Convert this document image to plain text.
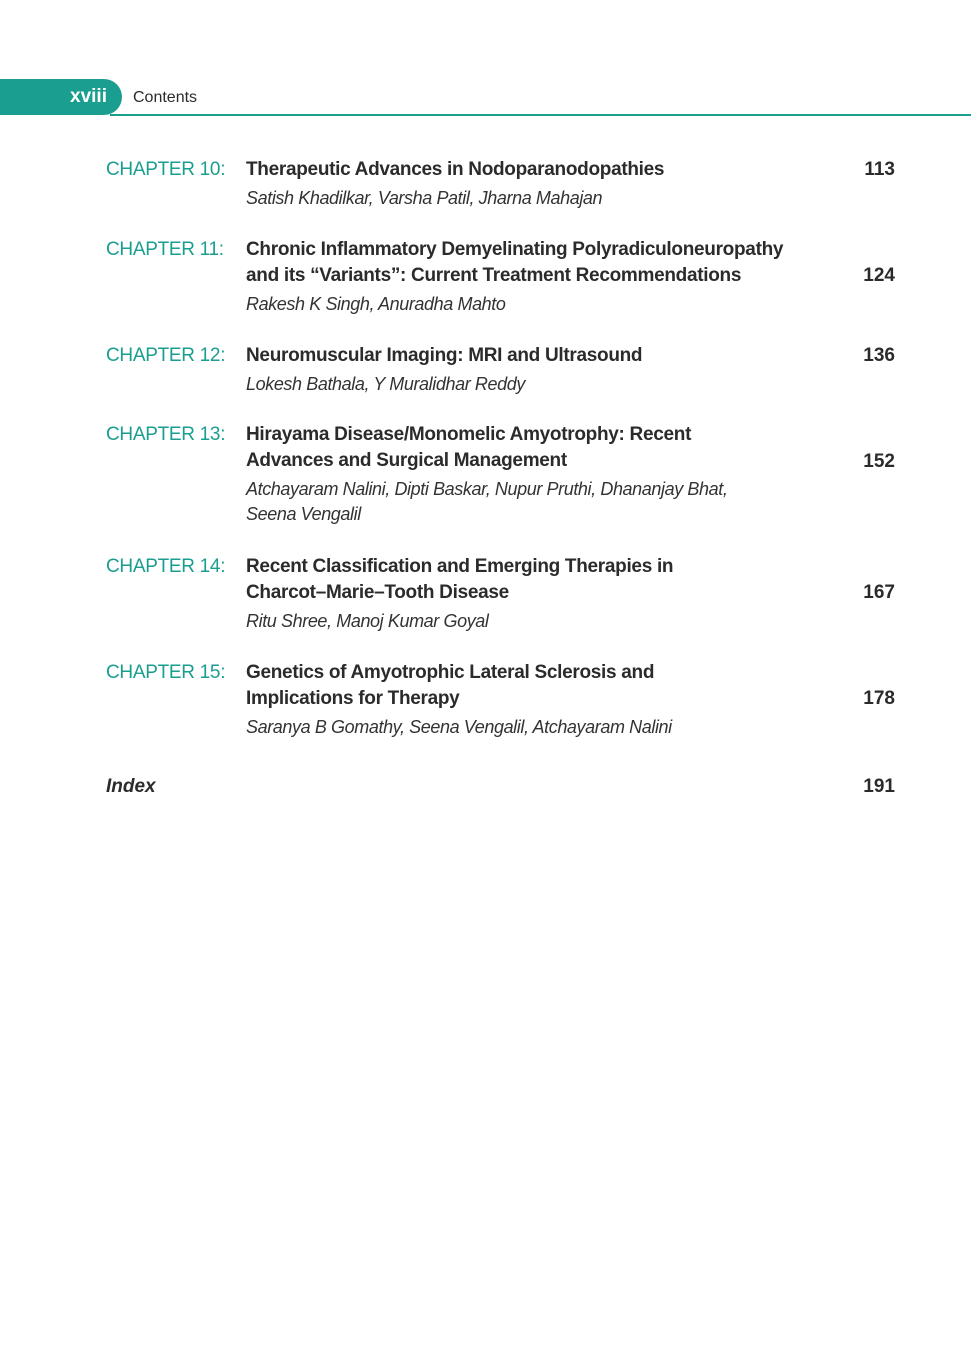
xviii Contents
CHAPTER 10: Therapeutic Advances in Nodoparanodopathies
Satish Khadilkar, Varsha Patil, Jharna Mahajan
113
CHAPTER 11: Chronic Inflammatory Demyelinating Polyradiculoneuropathy
and its “Variants”: Current Treatment Recommendations
Rakesh K Singh, Anuradha Mahto
124
CHAPTER 12: Neuromuscular Imaging: MRI and Ultrasound
Lokesh Bathala, Y Muralidhar Reddy
136
CHAPTER 13: Hirayama Disease/Monomelic Amyotrophy: Recent
Advances and Surgical Management
Atchayaram Nalini, Dipti Baskar, Nupur Pruthi, Dhananjay Bhat,
Seena Vengalil
152
CHAPTER 14: Recent Classification and Emerging Therapies in
Charcot–Marie–Tooth Disease
Ritu Shree, Manoj Kumar Goyal
167
CHAPTER 15: Genetics of Amyotrophic Lateral Sclerosis and
Implications for Therapy
Saranya B Gomathy, Seena Vengalil, Atchayaram Nalini
178
Index	191
